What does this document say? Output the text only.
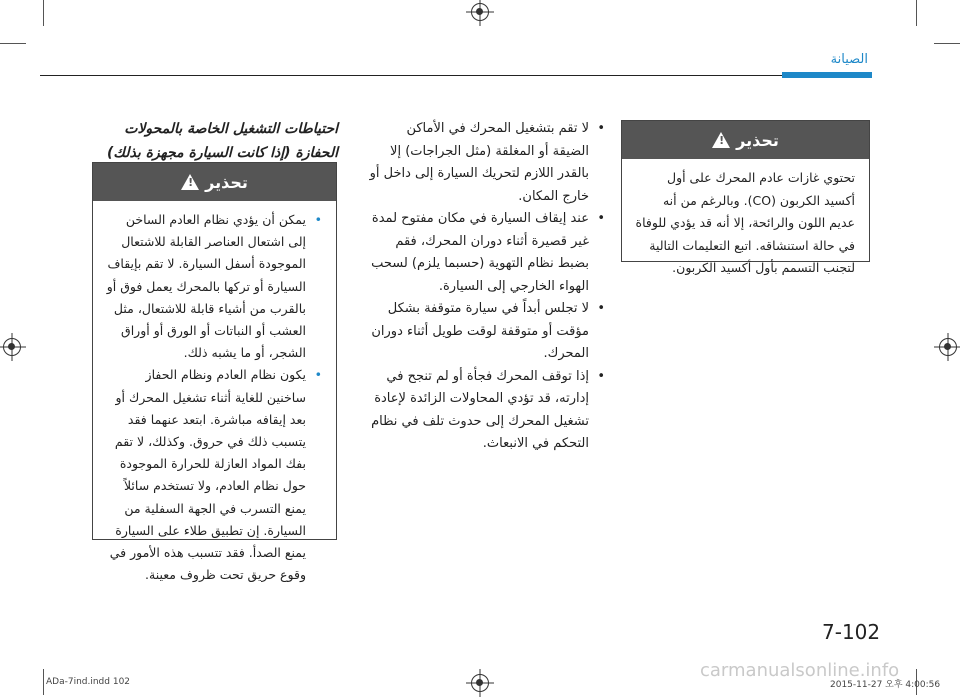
الصيانة
تحذير
!
تحتوي غازات عادم المحرك على أول أكسيد الكربون (CO). وبالرغم من أنه عديم اللون والرائحة، إلا أنه قد يؤدي للوفاة في حالة استنشاقه. اتبع التعليمات التالية لتجنب التسمم بأول أكسيد الكربون.
• لا تقم بتشغيل المحرك في الأماكن الضيقة أو المغلقة (مثل الجراجات) إلا بالقدر اللازم لتحريك السيارة إلى داخل أو خارج المكان.
• عند إيقاف السيارة في مكان مفتوح لمدة غير قصيرة أثناء دوران المحرك، فقم بضبط نظام التهوية (حسبما يلزم) لسحب الهواء الخارجي إلى السيارة.
• لا تجلس أبداً في سيارة متوقفة بشكل مؤقت أو متوقفة لوقت طويل أثناء دوران المحرك.
• إذا توقف المحرك فجأة أو لم تنجح في إدارته، قد تؤدي المحاولات الزائدة لإعادة تشغيل المحرك إلى حدوث تلف في نظام التحكم في الانبعاث.
احتياطات التشغيل الخاصة بالمحولات الحفازة (إذا كانت السيارة مجهزة بذلك)
تحذير
!
• يمكن أن يؤدي نظام العادم الساخن إلى اشتعال العناصر القابلة للاشتعال الموجودة أسفل السيارة. لا تقم بإيقاف السيارة أو تركها بالمحرك يعمل فوق أو بالقرب من أشياء قابلة للاشتعال، مثل العشب أو النباتات أو الورق أو أوراق الشجر، أو ما يشبه ذلك.
• يكون نظام العادم ونظام الحفاز ساخنين للغاية أثناء تشغيل المحرك أو بعد إيقافه مباشرة. ابتعد عنهما فقد يتسبب ذلك في حروق. وكذلك، لا تقم بفك المواد العازلة للحرارة الموجودة حول نظام العادم، ولا تستخدم سائلاً يمنع التسرب في الجهة السفلية من السيارة. إن تطبيق طلاء على السيارة يمنع الصدأ. فقد تتسبب هذه الأمور في وقوع حريق تحت ظروف معينة.
7-102
carmanualsonline.info
ADa-7ind.indd 102	2015-11-27 오후 4:00:56
